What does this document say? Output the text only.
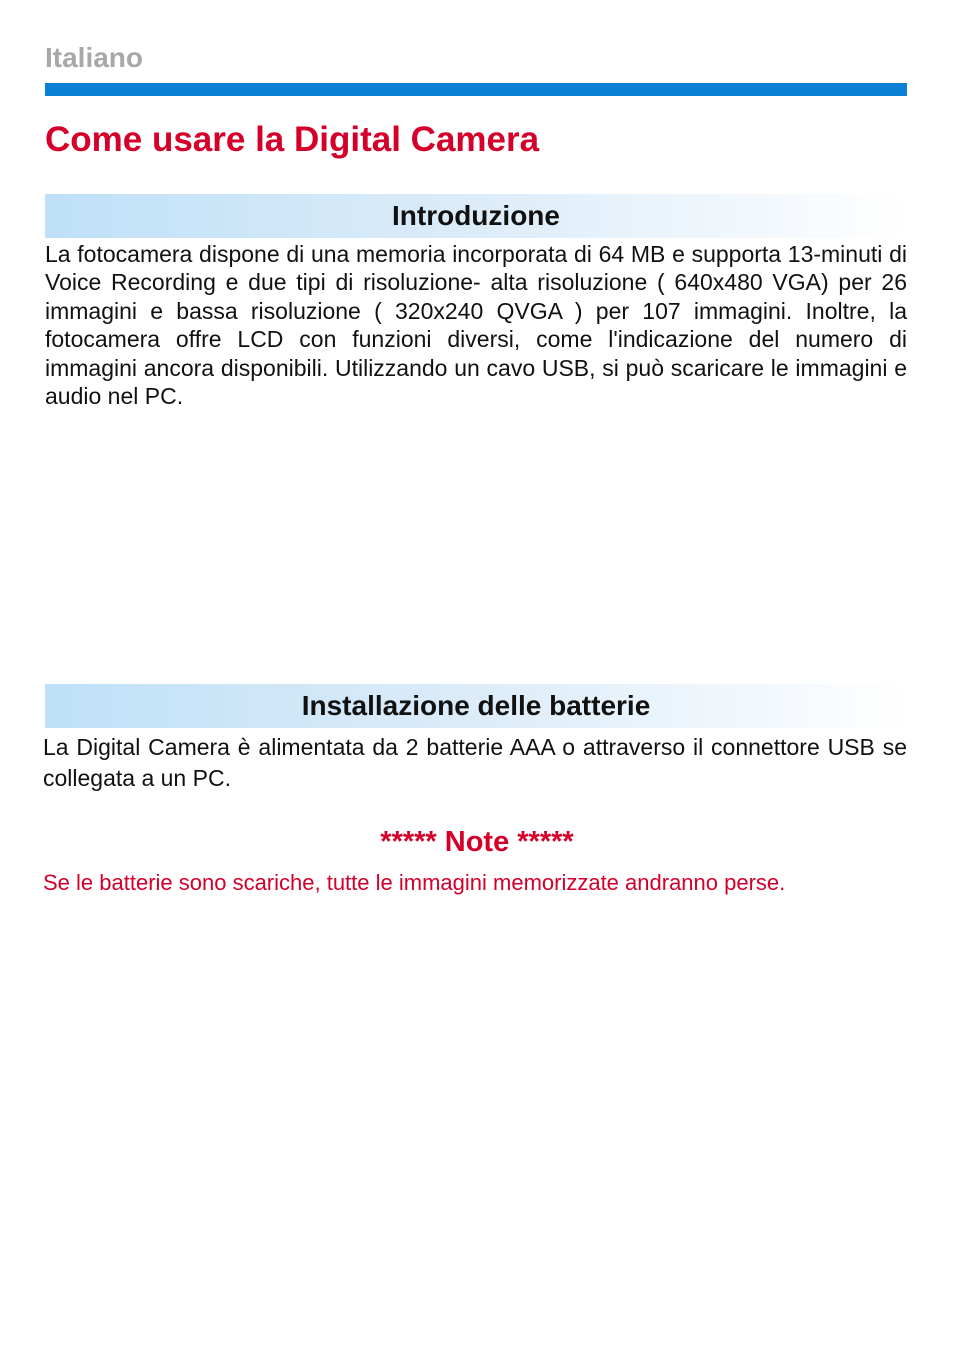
Italiano
Come usare la Digital Camera
Introduzione

La fotocamera dispone di una memoria incorporata di 64 MB e supporta 13-minuti di Voice Recording e due tipi di risoluzione- alta risoluzione ( 640x480 VGA) per 26 immagini e bassa risoluzione ( 320x240 QVGA ) per 107 immagini. Inoltre, la fotocamera offre LCD con funzioni diversi, come l'indicazione del numero di immagini ancora disponibili. Utilizzando un cavo USB, si può scaricare le immagini e audio nel PC.

Installazione delle batterie

La Digital Camera è alimentata da 2 batterie AAA o attraverso il connettore USB se collegata a un PC.

***** Note *****
Se le batterie sono scariche, tutte le immagini memorizzate andranno perse.
